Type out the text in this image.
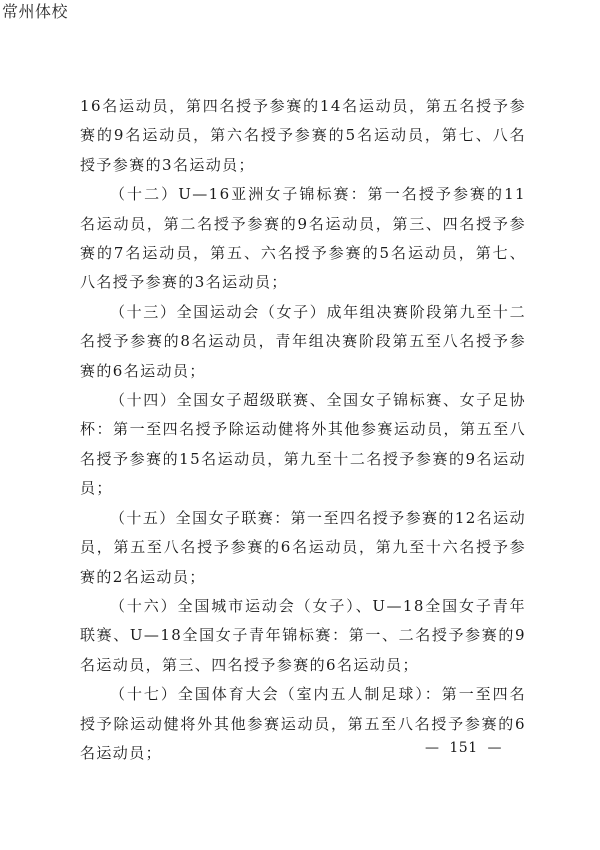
常州体校

16名运动员，第四名授予参赛的14名运动员，第五名授予参赛的9名运动员，第六名授予参赛的5名运动员，第七、八名授予参赛的3名运动员；

（十二）U—16亚洲女子锦标赛：第一名授予参赛的11名运动员，第二名授予参赛的9名运动员，第三、四名授予参赛的7名运动员，第五、六名授予参赛的5名运动员，第七、八名授予参赛的3名运动员；

（十三）全国运动会（女子）成年组决赛阶段第九至十二名授予参赛的8名运动员，青年组决赛阶段第五至八名授予参赛的6名运动员；

（十四）全国女子超级联赛、全国女子锦标赛、女子足协杯：第一至四名授予除运动健将外其他参赛运动员，第五至八名授予参赛的15名运动员，第九至十二名授予参赛的9名运动员；

（十五）全国女子联赛：第一至四名授予参赛的12名运动员，第五至八名授予参赛的6名运动员，第九至十六名授予参赛的2名运动员；

（十六）全国城市运动会（女子）、U—18全国女子青年联赛、U—18全国女子青年锦标赛：第一、二名授予参赛的9名运动员，第三、四名授予参赛的6名运动员；

（十七）全国体育大会（室内五人制足球）：第一至四名授予除运动健将外其他参赛运动员，第五至八名授予参赛的6名运动员；	—  151  —
